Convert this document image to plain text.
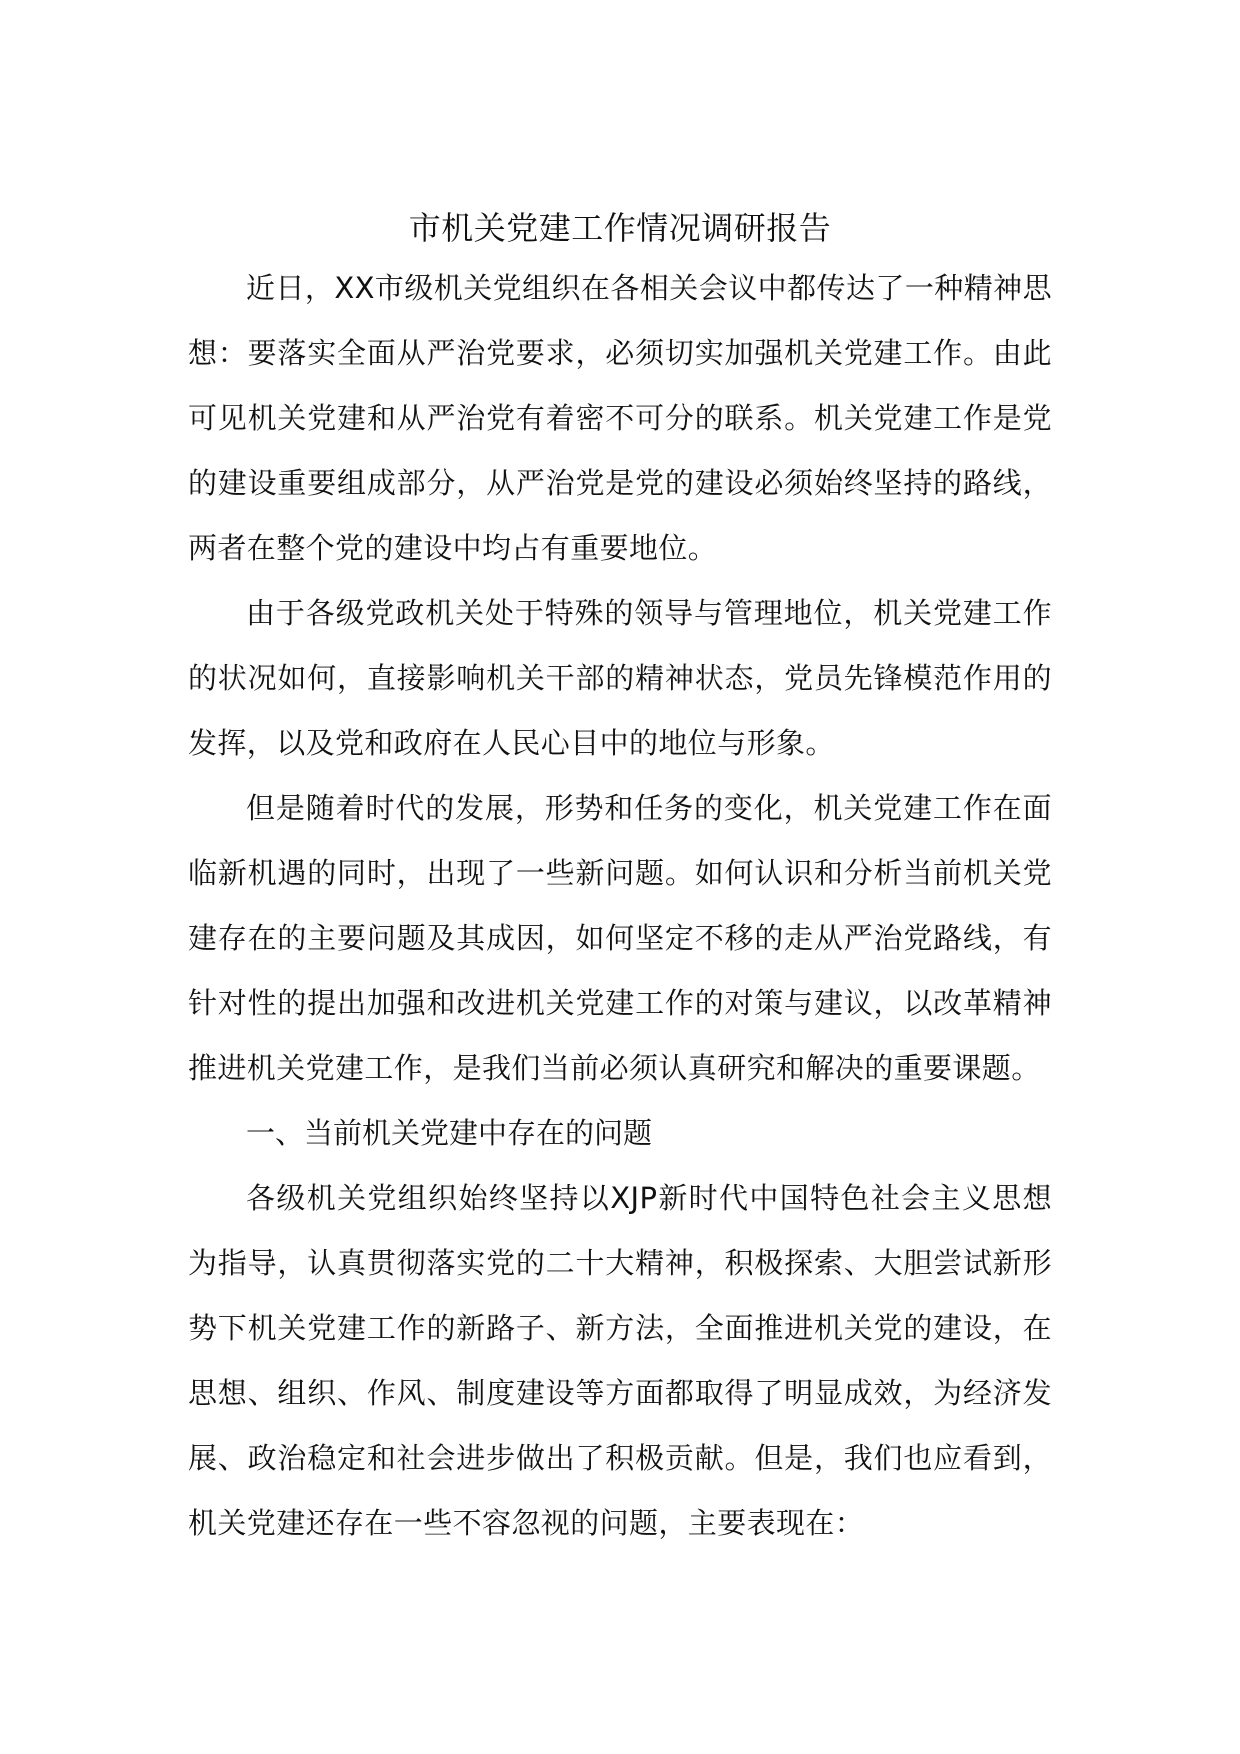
市机关党建工作情况调研报告

近日，XX市级机关党组织在各相关会议中都传达了一种精神思想：要落实全面从严治党要求，必须切实加强机关党建工作。由此可见机关党建和从严治党有着密不可分的联系。机关党建工作是党的建设重要组成部分，从严治党是党的建设必须始终坚持的路线，两者在整个党的建设中均占有重要地位。

由于各级党政机关处于特殊的领导与管理地位，机关党建工作的状况如何，直接影响机关干部的精神状态，党员先锋模范作用的发挥，以及党和政府在人民心目中的地位与形象。

但是随着时代的发展，形势和任务的变化，机关党建工作在面临新机遇的同时，出现了一些新问题。如何认识和分析当前机关党建存在的主要问题及其成因，如何坚定不移的走从严治党路线，有针对性的提出加强和改进机关党建工作的对策与建议，以改革精神推进机关党建工作，是我们当前必须认真研究和解决的重要课题。

一、当前机关党建中存在的问题

各级机关党组织始终坚持以XJP新时代中国特色社会主义思想为指导，认真贯彻落实党的二十大精神，积极探索、大胆尝试新形势下机关党建工作的新路子、新方法，全面推进机关党的建设，在思想、组织、作风、制度建设等方面都取得了明显成效，为经济发展、政治稳定和社会进步做出了积极贡献。但是，我们也应看到，机关党建还存在一些不容忽视的问题，主要表现在：
